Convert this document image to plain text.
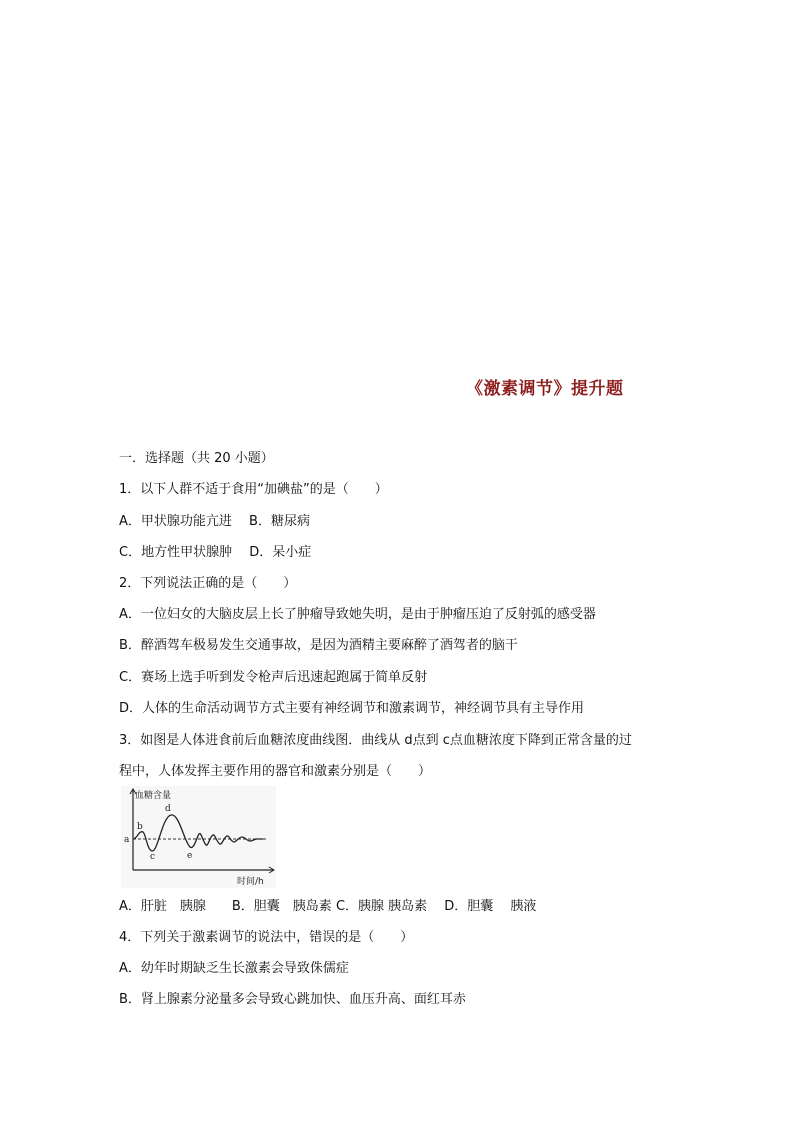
《激素调节》提升题
一．选择题（共 20 小题）
1．以下人群不适于食用“加碘盐”的是（　　）
A．甲状腺功能亢进　 B．糖尿病
C．地方性甲状腺肿　 D．呆小症
2．下列说法正确的是（　　）
A．一位妇女的大脑皮层上长了肿瘤导致她失明，是由于肿瘤压迫了反射弧的感受器
B．醉酒驾车极易发生交通事故，是因为酒精主要麻醉了酒驾者的脑干
C．赛场上选手听到发令枪声后迅速起跑属于简单反射
D．人体的生命活动调节方式主要有神经调节和激素调节，神经调节具有主导作用
3．如图是人体进食前后血糖浓度曲线图．曲线从 d点到 c点血糖浓度下降到正常含量的过
程中，人体发挥主要作用的器官和激素分别是（　　）
血糖含量
时间/h
a
b
c
d
e
A．肝脏　胰腺　　B．胆囊　胰岛素 C．胰腺 胰岛素　 D．胆囊　 胰液
4．下列关于激素调节的说法中，错误的是（　　）
A．幼年时期缺乏生长激素会导致侏儒症
B．肾上腺素分泌量多会导致心跳加快、血压升高、面红耳赤
